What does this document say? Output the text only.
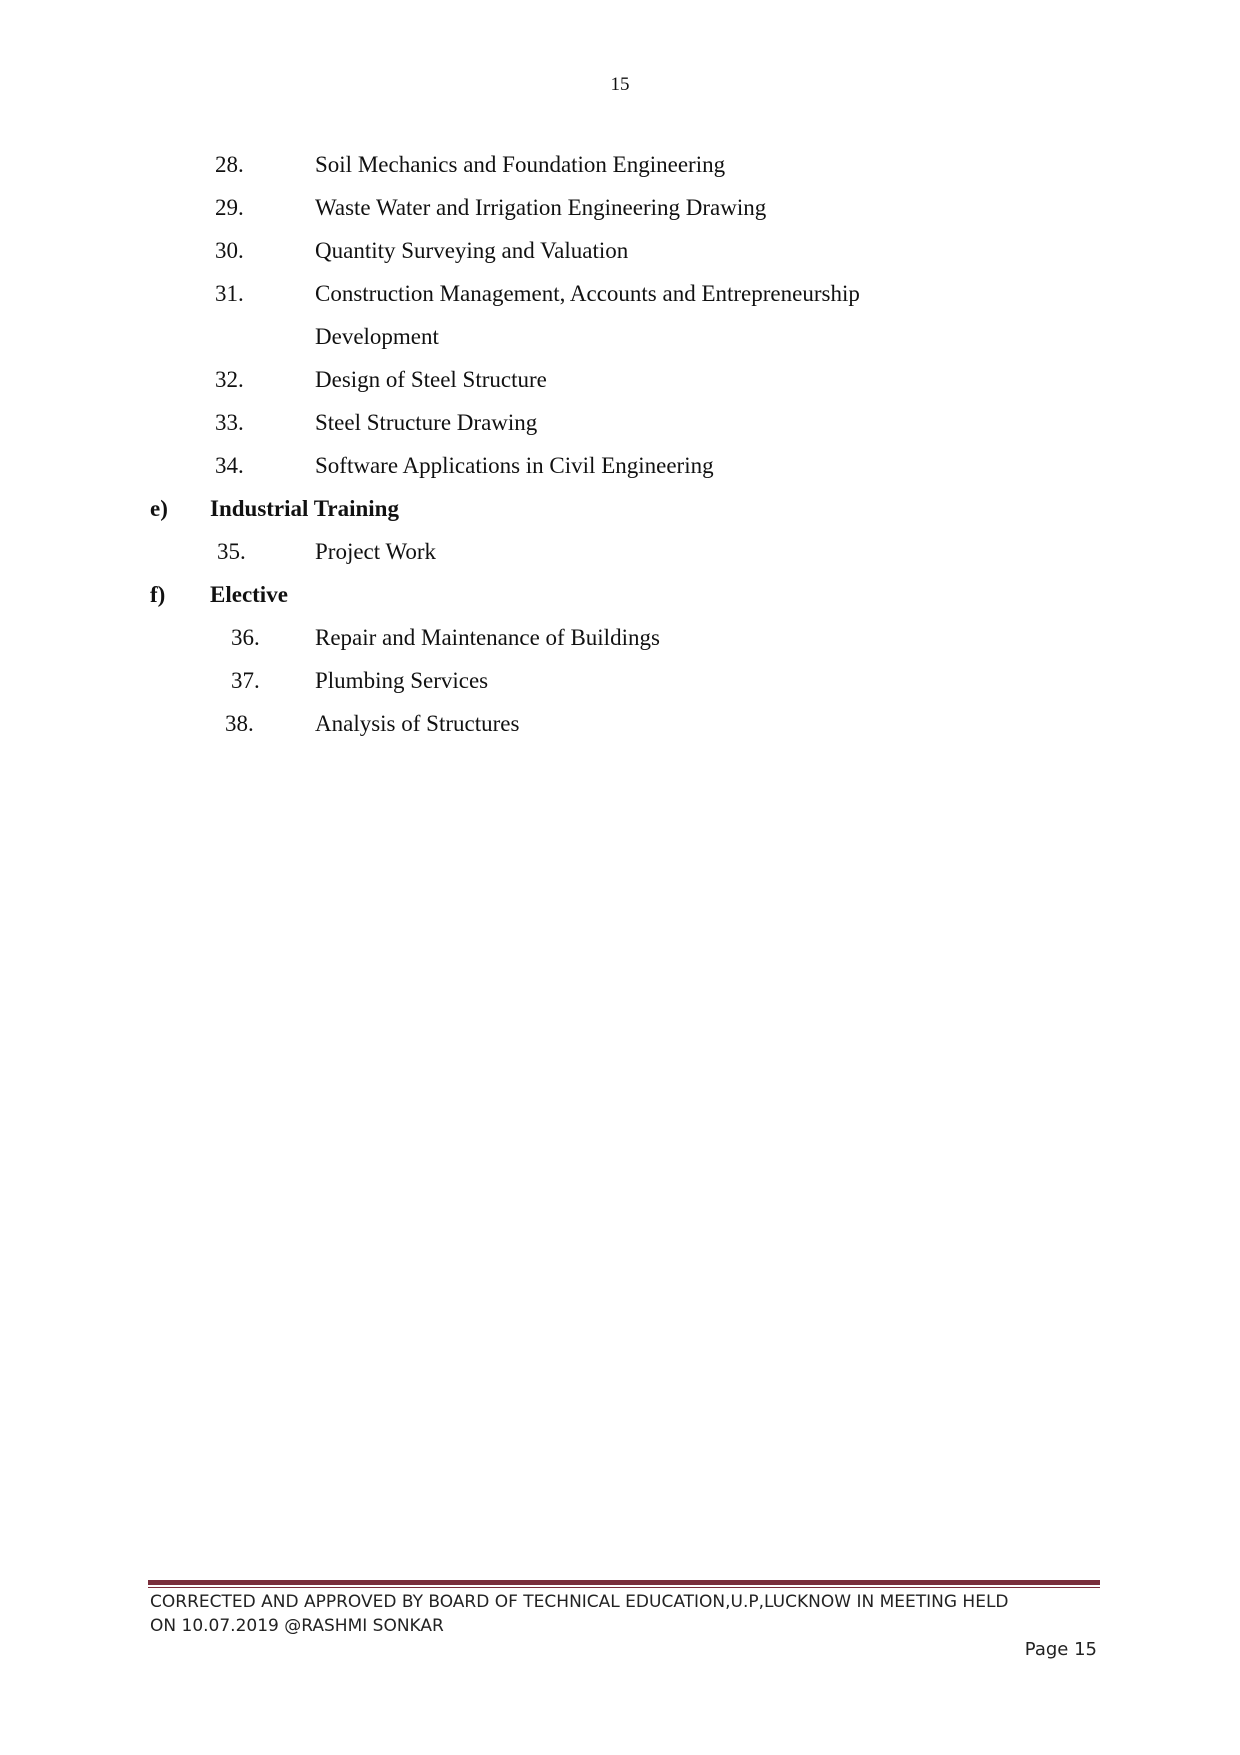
15
28.	Soil Mechanics and Foundation Engineering
29.	Waste Water and Irrigation Engineering Drawing
30.	Quantity Surveying and Valuation
31.	Construction Management, Accounts and Entrepreneurship
Development
32.	Design of Steel Structure
33.	Steel Structure Drawing
34.	Software Applications in Civil Engineering
e) Industrial Training
35.	Project Work
f) Elective
36. Repair and Maintenance of Buildings
37. Plumbing Services
38.	Analysis of Structures
CORRECTED AND APPROVED BY BOARD OF TECHNICAL EDUCATION,U.P,LUCKNOW IN MEETING HELD
ON 10.07.2019 @RASHMI SONKAR
Page 15
